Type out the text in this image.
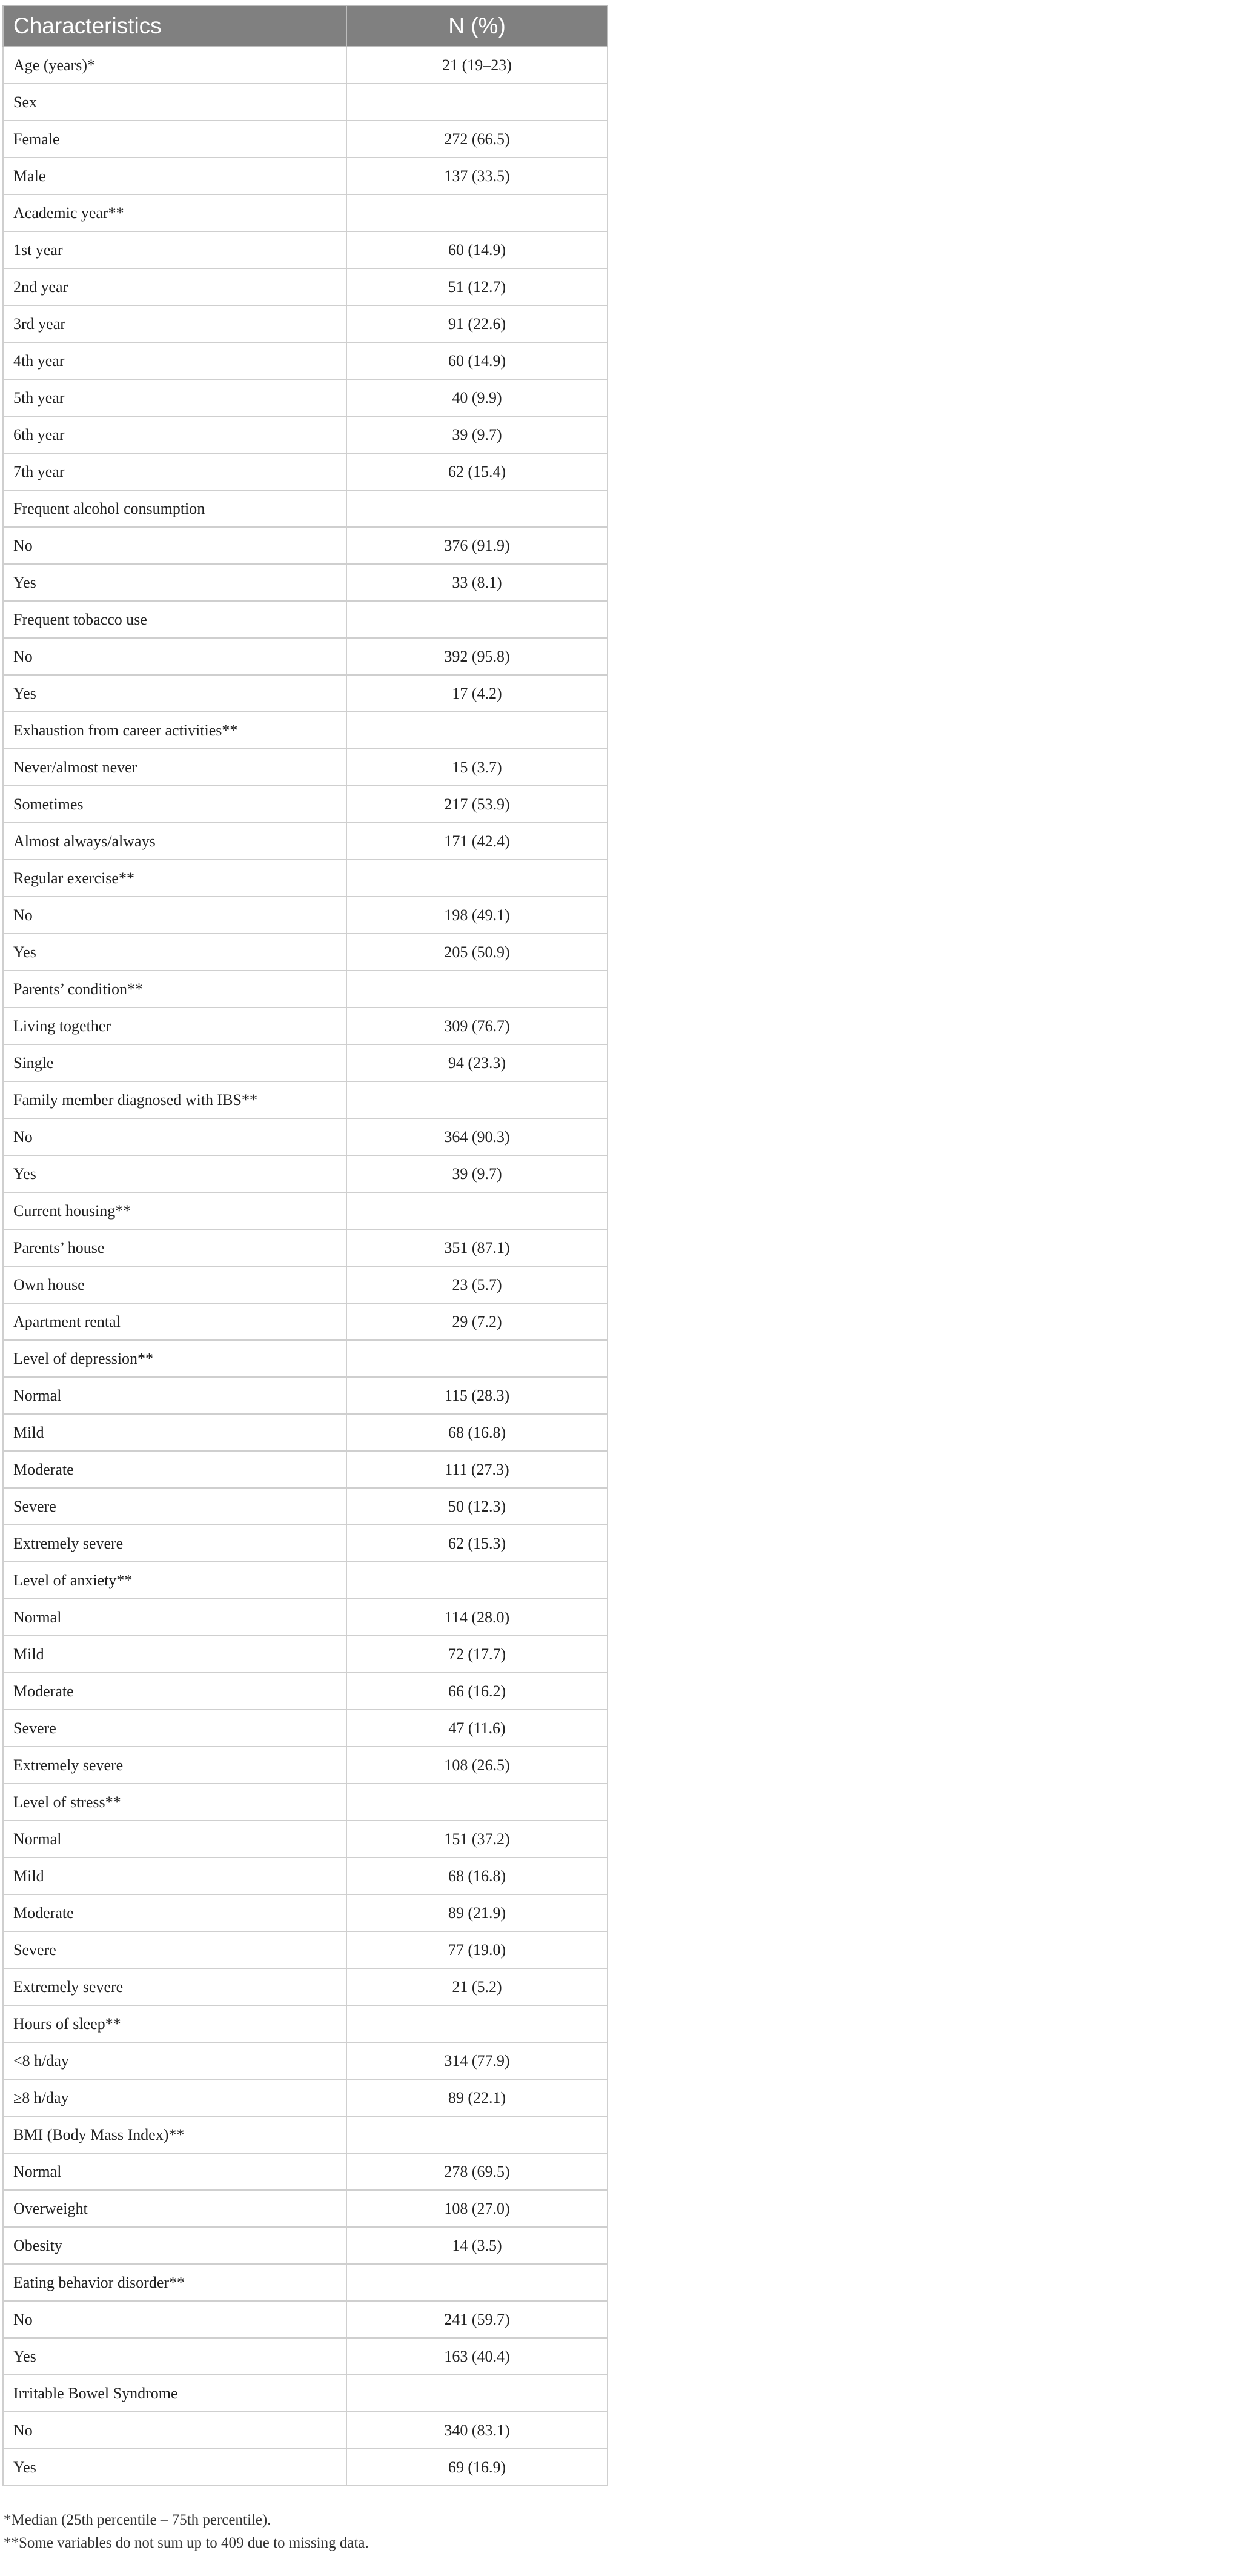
Characteristics	N (%)
Age (years)*	21 (19–23)
Sex	
Female	272 (66.5)
Male	137 (33.5)
Academic year**	
1st year	60 (14.9)
2nd year	51 (12.7)
3rd year	91 (22.6)
4th year	60 (14.9)
5th year	40 (9.9)
6th year	39 (9.7)
7th year	62 (15.4)
Frequent alcohol consumption	
No	376 (91.9)
Yes	33 (8.1)
Frequent tobacco use	
No	392 (95.8)
Yes	17 (4.2)
Exhaustion from career activities**	
Never/almost never	15 (3.7)
Sometimes	217 (53.9)
Almost always/always	171 (42.4)
Regular exercise**	
No	198 (49.1)
Yes	205 (50.9)
Parents’ condition**	
Living together	309 (76.7)
Single	94 (23.3)
Family member diagnosed with IBS**	
No	364 (90.3)
Yes	39 (9.7)
Current housing**	
Parents’ house	351 (87.1)
Own house	23 (5.7)
Apartment rental	29 (7.2)
Level of depression**	
Normal	115 (28.3)
Mild	68 (16.8)
Moderate	111 (27.3)
Severe	50 (12.3)
Extremely severe	62 (15.3)
Level of anxiety**	
Normal	114 (28.0)
Mild	72 (17.7)
Moderate	66 (16.2)
Severe	47 (11.6)
Extremely severe	108 (26.5)
Level of stress**	
Normal	151 (37.2)
Mild	68 (16.8)
Moderate	89 (21.9)
Severe	77 (19.0)
Extremely severe	21 (5.2)
Hours of sleep**	
<8 h/day	314 (77.9)
≥8 h/day	89 (22.1)
BMI (Body Mass Index)**	
Normal	278 (69.5)
Overweight	108 (27.0)
Obesity	14 (3.5)
Eating behavior disorder**	
No	241 (59.7)
Yes	163 (40.4)
Irritable Bowel Syndrome	
No	340 (83.1)
Yes	69 (16.9)
*Median (25th percentile – 75th percentile).
**Some variables do not sum up to 409 due to missing data.
